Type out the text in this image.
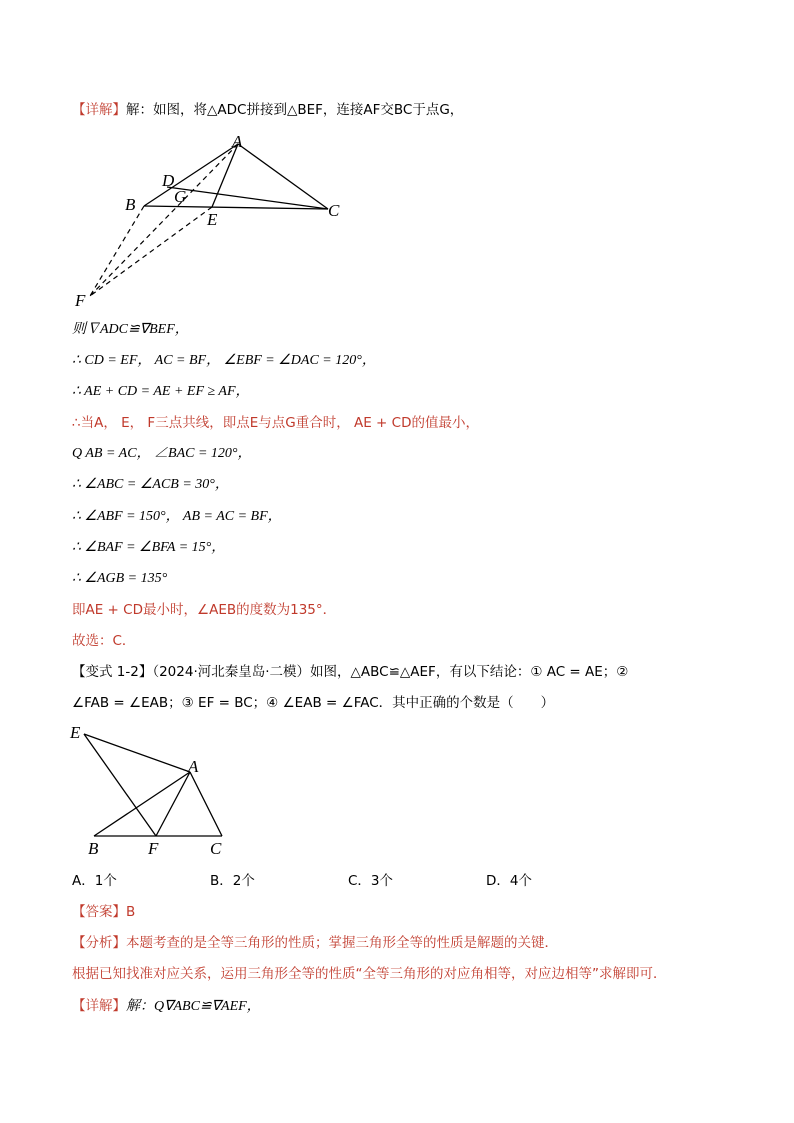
【详解】解：如图，将△ADC拼接到△BEF，连接AF交BC于点G，
A
B	C
D
E
G
F
则∇ADC≌∇BEF，
∴ CD = EF， AC = BF， ∠EBF = ∠DAC = 120°，
∴ AE + CD = AE + EF ≥ AF，
∴当A， E， F三点共线，即点E与点G重合时， AE + CD的值最小，
Q AB = AC， ∠BAC = 120°，
∴ ∠ABC = ∠ACB = 30°，
∴ ∠ABF = 150°， AB = AC = BF，
∴ ∠BAF = ∠BFA = 15°，
∴ ∠AGB = 135°
即AE + CD最小时，∠AEB的度数为135°．
故选：C．
【变式 1-2】（2024·河北秦皇岛·二模）如图，△ABC≌△AEF，有以下结论：① AC = AE；②
∠FAB = ∠EAB；③ EF = BC；④ ∠EAB = ∠FAC．其中正确的个数是（　　）
E
A
B	F	C
A．1个	B．2个	C．3个	D．4个
【答案】B
【分析】本题考查的是全等三角形的性质；掌握三角形全等的性质是解题的关键．
根据已知找准对应关系，运用三角形全等的性质“全等三角形的对应角相等，对应边相等”求解即可．
【详解】解：Q∇ABC≌∇AEF，
